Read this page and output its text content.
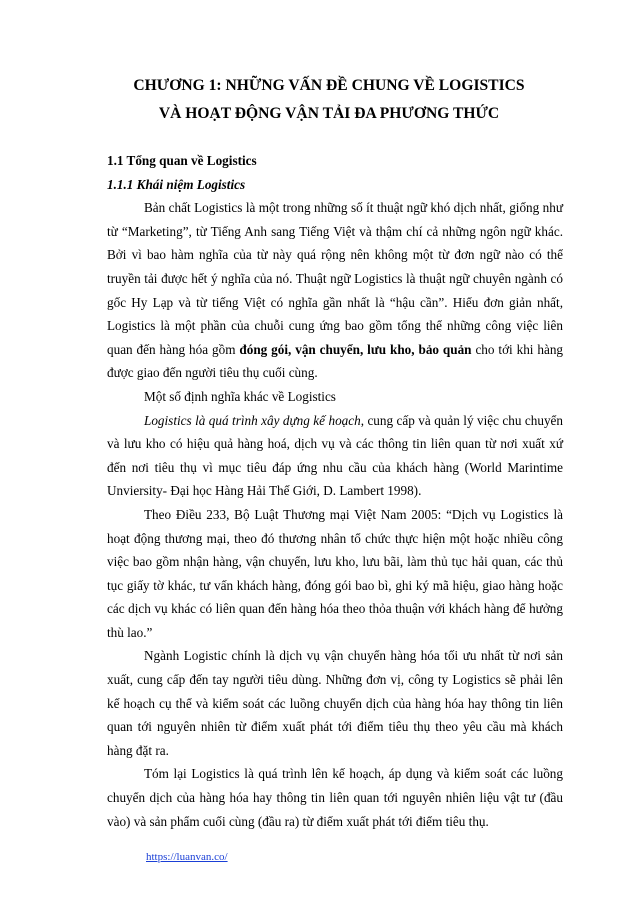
CHƯƠNG 1: NHỮNG VẤN ĐỀ CHUNG VỀ LOGISTICS
VÀ HOẠT ĐỘNG VẬN TẢI ĐA PHƯƠNG THỨC

1.1 Tổng quan về Logistics

1.1.1 Khái niệm Logistics

Bản chất Logistics là một trong những số ít thuật ngữ khó dịch nhất, giống như từ “Marketing”, từ Tiếng Anh sang Tiếng Việt và thậm chí cả những ngôn ngữ khác. Bởi vì bao hàm nghĩa của từ này quá rộng nên không một từ đơn ngữ nào có thể truyền tải được hết ý nghĩa của nó. Thuật ngữ Logistics là thuật ngữ chuyên ngành có gốc Hy Lạp và từ tiếng Việt có nghĩa gần nhất là “hậu cần”. Hiểu đơn giản nhất, Logistics là một phần của chuỗi cung ứng bao gồm tổng thể những công việc liên quan đến hàng hóa gồm đóng gói, vận chuyển, lưu kho, bảo quản cho tới khi hàng được giao đến người tiêu thụ cuối cùng.

Một số định nghĩa khác về Logistics

Logistics là quá trình xây dựng kế hoạch, cung cấp và quản lý việc chu chuyển và lưu kho có hiệu quả hàng hoá, dịch vụ và các thông tin liên quan từ nơi xuất xứ đến nơi tiêu thụ vì mục tiêu đáp ứng nhu cầu của khách hàng (World Marintime Unviersity- Đại học Hàng Hải Thế Giới, D. Lambert 1998).

Theo Điều 233, Bộ Luật Thương mại Việt Nam 2005: “Dịch vụ Logistics là hoạt động thương mại, theo đó thương nhân tổ chức thực hiện một hoặc nhiều công việc bao gồm nhận hàng, vận chuyển, lưu kho, lưu bãi, làm thủ tục hải quan, các thủ tục giấy tờ khác, tư vấn khách hàng, đóng gói bao bì, ghi ký mã hiệu, giao hàng hoặc các dịch vụ khác có liên quan đến hàng hóa theo thỏa thuận với khách hàng để hưởng thù lao.”

Ngành Logistic chính là dịch vụ vận chuyển hàng hóa tối ưu nhất từ nơi sản xuất, cung cấp đến tay người tiêu dùng. Những đơn vị, công ty Logistics sẽ phải lên kế hoạch cụ thể và kiểm soát các luồng chuyển dịch của hàng hóa hay thông tin liên quan tới nguyên nhiên từ điểm xuất phát tới điểm tiêu thụ theo yêu cầu mà khách hàng đặt ra.

Tóm lại Logistics là quá trình lên kế hoạch, áp dụng và kiểm soát các luồng chuyển dịch của hàng hóa hay thông tin liên quan tới nguyên nhiên liệu vật tư (đầu vào) và sản phẩm cuối cùng (đầu ra) từ điểm xuất phát tới điểm tiêu thụ.

https://luanvan.co/
